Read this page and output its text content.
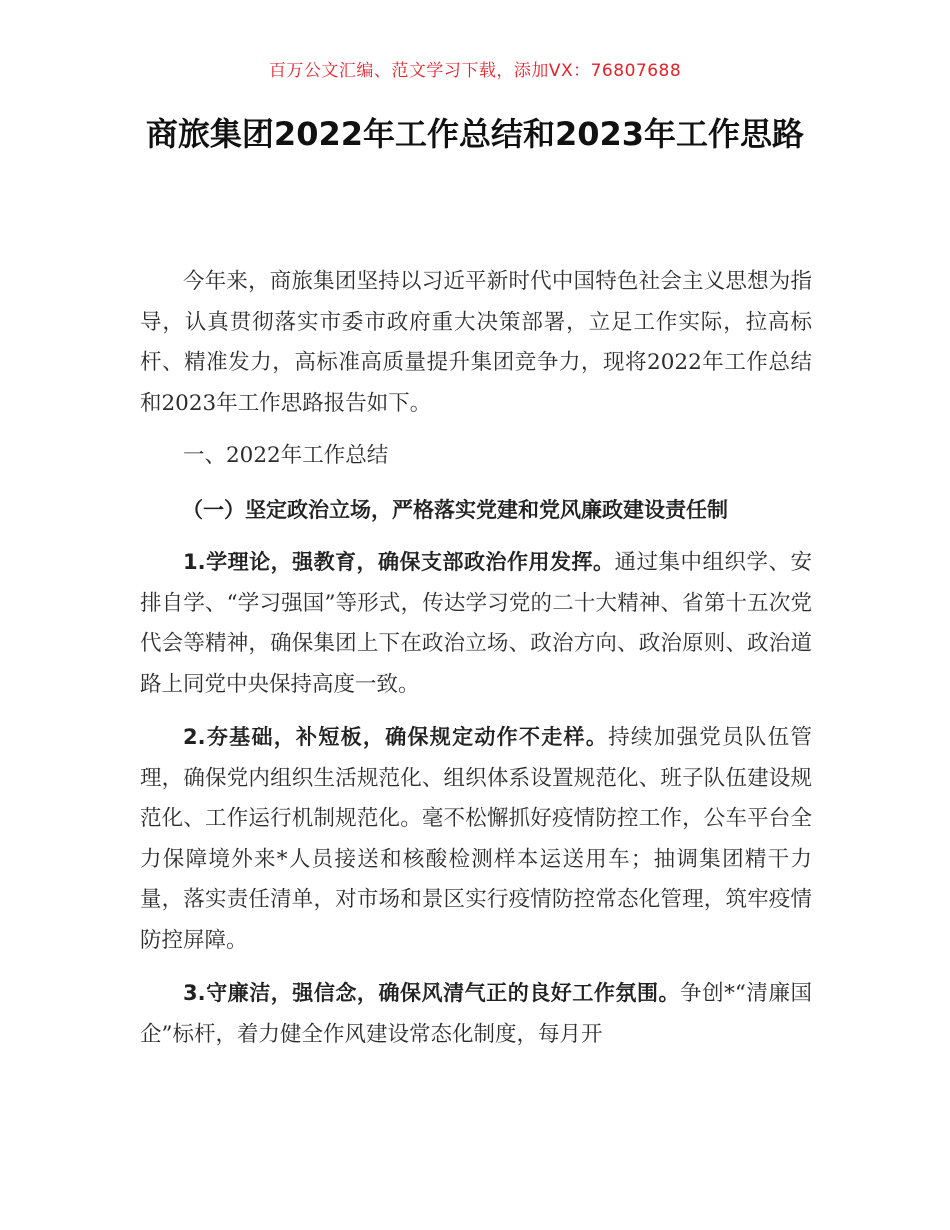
百万公文汇编、范文学习下载，添加VX：76807688
商旅集团2022年工作总结和2023年工作思路

今年来，商旅集团坚持以习近平新时代中国特色社会主义思想为指导，认真贯彻落实市委市政府重大决策部署，立足工作实际，拉高标杆、精准发力，高标准高质量提升集团竞争力，现将2022年工作总结和2023年工作思路报告如下。

一、2022年工作总结

（一）坚定政治立场，严格落实党建和党风廉政建设责任制

1.学理论，强教育，确保支部政治作用发挥。通过集中组织学、安排自学、“学习强国”等形式，传达学习党的二十大精神、省第十五次党代会等精神，确保集团上下在政治立场、政治方向、政治原则、政治道路上同党中央保持高度一致。

2.夯基础，补短板，确保规定动作不走样。持续加强党员队伍管理，确保党内组织生活规范化、组织体系设置规范化、班子队伍建设规范化、工作运行机制规范化。毫不松懈抓好疫情防控工作，公车平台全力保障境外来*人员接送和核酸检测样本运送用车；抽调集团精干力量，落实责任清单，对市场和景区实行疫情防控常态化管理，筑牢疫情防控屏障。

3.守廉洁，强信念，确保风清气正的良好工作氛围。争创*“清廉国企”标杆，着力健全作风建设常态化制度，每月开
